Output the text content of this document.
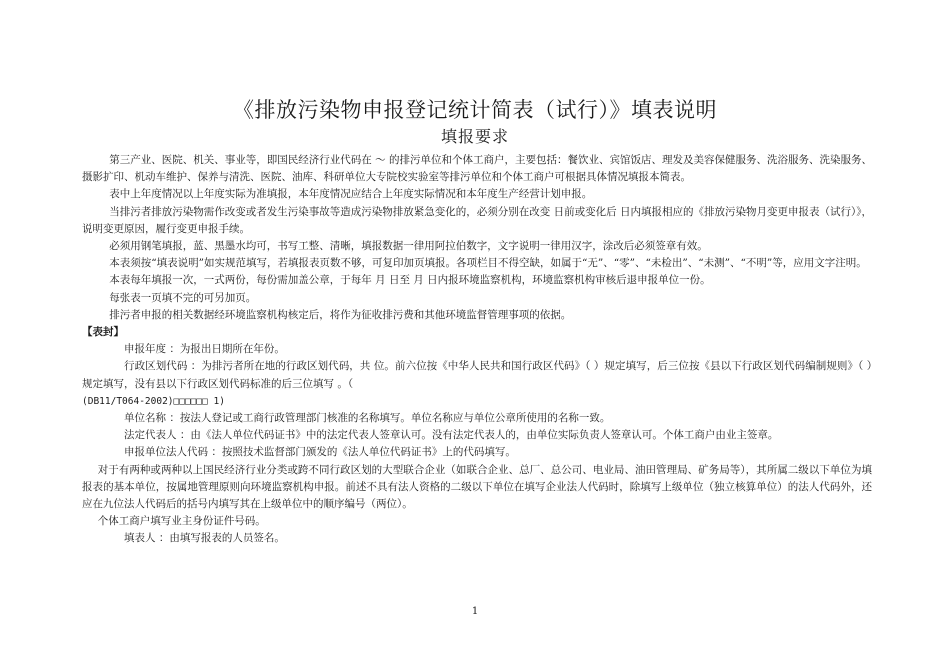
《排放污染物申报登记统计简表（试行）》填表说明
填报要求

第三产业、医院、机关、事业等，即国民经济行业代码在 ～ 的排污单位和个体工商户，主要包括：餐饮业、宾馆饭店、理发及美容保健服务、洗浴服务、洗染服务、摄影扩印、机动车维护、保养与清洗、医院、油库、科研单位大专院校实验室等排污单位和个体工商户可根据具体情况填报本简表。

表中上年度情况以上年度实际为准填报，本年度情况应结合上年度实际情况和本年度生产经营计划申报。

当排污者排放污染物需作改变或者发生污染事故等造成污染物排放紧急变化的，必须分别在改变 日前或变化后 日内填报相应的《排放污染物月变更申报表（试行）》，说明变更原因，履行变更申报手续。

必须用钢笔填报，蓝、黑墨水均可，书写工整、清晰，填报数据一律用阿拉伯数字，文字说明一律用汉字，涂改后必须签章有效。

本表须按“填表说明”如实规范填写，若填报表页数不够，可复印加页填报。各项栏目不得空缺，如属于“无”、“零”、“未检出”、“未测”、“不明”等，应用文字注明。

本表每年填报一次，一式两份，每份需加盖公章，于每年 月 日至 月 日内报环境监察机构，环境监察机构审核后退申报单位一份。

每张表一页填不完的可另加页。

排污者申报的相关数据经环境监察机构核定后，将作为征收排污费和其他环境监督管理事项的依据。

【表封】

申报年度 ：为报出日期所在年份。

行政区划代码 ：为排污者所在地的行政区划代码，共 位。前六位按《中华人民共和国行政区代码》（ ）规定填写，后三位按《县以下行政区划代码编制规则》（ ）规定填写，没有县以下行政区划代码标准的后三位填写 。（

(DB11/T064-2002)□□□□□□ 1)

单位名称 ：按法人登记或工商行政管理部门核准的名称填写。单位名称应与单位公章所使用的名称一致。

法定代表人 ：由《法人单位代码证书》中的法定代表人签章认可。没有法定代表人的，由单位实际负责人签章认可。个体工商户由业主签章。

申报单位法人代码 ：按照技术监督部门颁发的《法人单位代码证书》上的代码填写。

对于有两种或两种以上国民经济行业分类或跨不同行政区划的大型联合企业（如联合企业、总厂、总公司、电业局、油田管理局、矿务局等），其所属二级以下单位为填报表的基本单位，按属地管理原则向环境监察机构申报。前述不具有法人资格的二级以下单位在填写企业法人代码时，除填写上级单位（独立核算单位）的法人代码外，还应在九位法人代码后的括号内填写其在上级单位中的顺序编号（两位）。

个体工商户填写业主身份证件号码。

填表人 ：由填写报表的人员签名。

1
